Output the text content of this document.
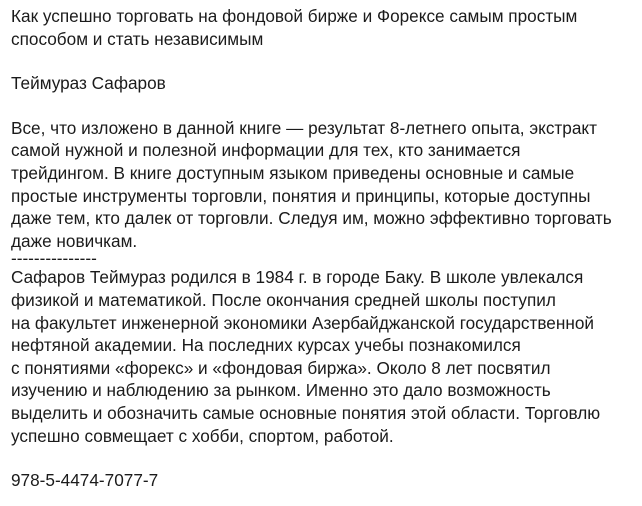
Как успешно торговать на фондовой бирже и Форексе самым простым
способом и стать независимым
Теймураз Сафаров
Все, что изложено в данной книге — результат 8-летнего опыта, экстракт
самой нужной и полезной информации для тех, кто занимается
трейдингом. В книге доступным языком приведены основные и самые
простые инструменты торговли, понятия и принципы, которые доступны
даже тем, кто далек от торговли. Следуя им, можно эффективно торговать
даже новичкам.
---------------
Сафаров Теймураз родился в 1984 г. в городе Баку. В школе увлекался
физикой и математикой. После окончания средней школы поступил
на факультет инженерной экономики Азербайджанской государственной
нефтяной академии. На последних курсах учебы познакомился
с понятиями «форекс» и «фондовая биржа». Около 8 лет посвятил
изучению и наблюдению за рынком. Именно это дало возможность
выделить и обозначить самые основные понятия этой области. Торговлю
успешно совмещает с хобби, спортом, работой.
978-5-4474-7077-7
